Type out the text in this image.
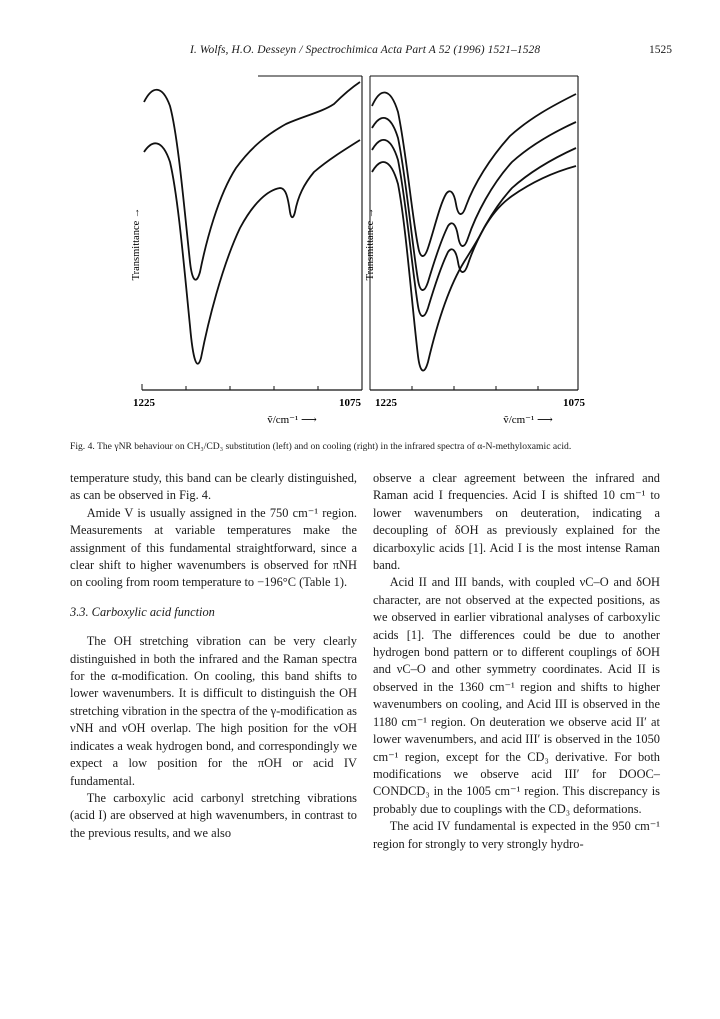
I. Wolfs, H.O. Desseyn / Spectrochimica Acta Part A 52 (1996) 1521–1528	1525
Transmittance →
1225	1075
ṽ/cm⁻¹ ⟶
Transmittance →
1225	1075
ṽ/cm⁻¹ ⟶
Fig. 4. The γNR behaviour on CH₃/CD₃ substitution (left) and on cooling (right) in the infrared spectra of α-N-methyloxamic acid.

temperature study, this band can be clearly distinguished, as can be observed in Fig. 4.

Amide V is usually assigned in the 750 cm⁻¹ region. Measurements at variable temperatures make the assignment of this fundamental straightforward, since a clear shift to higher wavenumbers is observed for πNH on cooling from room temperature to −196°C (Table 1).

3.3. Carboxylic acid function

The OH stretching vibration can be very clearly distinguished in both the infrared and the Raman spectra for the α-modification. On cooling, this band shifts to lower wavenumbers. It is difficult to distinguish the OH stretching vibration in the spectra of the γ-modification as νNH and νOH overlap. The high position for the νOH indicates a weak hydrogen bond, and correspondingly we expect a low position for the πOH or acid IV fundamental.

The carboxylic acid carbonyl stretching vibrations (acid I) are observed at high wavenumbers, in contrast to the previous results, and we also

observe a clear agreement between the infrared and Raman acid I frequencies. Acid I is shifted 10 cm⁻¹ to lower wavenumbers on deuteration, indicating a decoupling of δOH as previously explained for the dicarboxylic acids [1]. Acid I is the most intense Raman band.

Acid II and III bands, with coupled νC–O and δOH character, are not observed at the expected positions, as we observed in earlier vibrational analyses of carboxylic acids [1]. The differences could be due to another hydrogen bond pattern or to different couplings of δOH and νC–O and other symmetry coordinates. Acid II is observed in the 1360 cm⁻¹ region and shifts to higher wavenumbers on cooling, and Acid III is observed in the 1180 cm⁻¹ region. On deuteration we observe acid II′ at lower wavenumbers, and acid III′ is observed in the 1050 cm⁻¹ region, except for the CD₃ derivative. For both modifications we observe acid III′ for DOOC–CONDCD₃ in the 1005 cm⁻¹ region. This discrepancy is probably due to couplings with the CD₃ deformations.

The acid IV fundamental is expected in the 950 cm⁻¹ region for strongly to very strongly hydro-
